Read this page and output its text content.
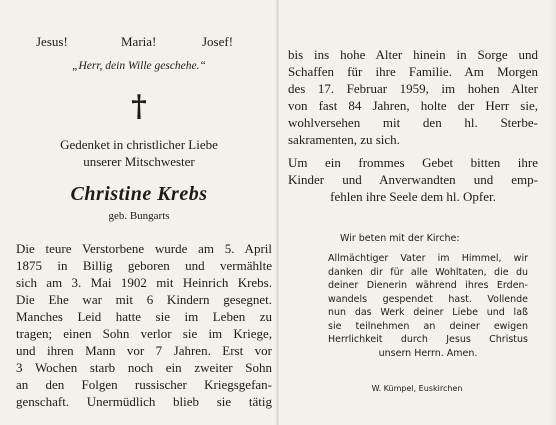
Jesus!	Maria!	Josef!
„Herr, dein Wille geschehe.“
†
Gedenket in christlicher Liebe
unserer Mitschwester
Christine Krebs
geb. Bungarts
Die teure Verstorbene wurde am 5. April
1875 in Billig geboren und vermählte
sich am 3. Mai 1902 mit Heinrich Krebs.
Die Ehe war mit 6 Kindern gesegnet.
Manches Leid hatte sie im Leben zu
tragen; einen Sohn verlor sie im Kriege,
und ihren Mann vor 7 Jahren. Erst vor
3 Wochen starb noch ein zweiter Sohn
an den Folgen russischer Kriegsgefan-
genschaft. Unermüdlich blieb sie tätig
bis ins hohe Alter hinein in Sorge und
Schaffen für ihre Familie. Am Morgen
des 17. Februar 1959, im hohen Alter
von fast 84 Jahren, holte der Herr sie,
wohlversehen mit den hl. Sterbe-
sakramenten, zu sich.
Um ein frommes Gebet bitten ihre
Kinder und Anverwandten und emp-
fehlen ihre Seele dem hl. Opfer.
Wir beten mit der Kirche:
Allmächtiger Vater im Himmel, wir
danken dir für alle Wohltaten, die du
deiner Dienerin während ihres Erden-
wandels gespendet hast. Vollende
nun das Werk deiner Liebe und laß
sie teilnehmen an deiner ewigen
Herrlichkeit durch Jesus Christus
unsern Herrn. Amen.
W. Kümpel, Euskirchen
